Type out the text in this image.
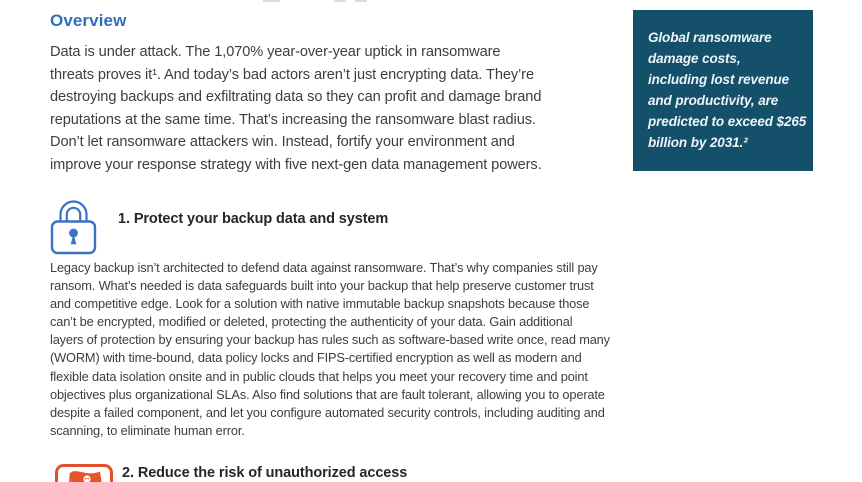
Overview
Data is under attack. The 1,070% year-over-year uptick in ransomware
threats proves it¹. And today’s bad actors aren’t just encrypting data. They’re
destroying backups and exfiltrating data so they can profit and damage brand
reputations at the same time. That’s increasing the ransomware blast radius.
Don’t let ransomware attackers win. Instead, fortify your environment and
improve your response strategy with five next-gen data management powers.
Global ransomware
damage costs,
including lost revenue
and productivity, are
predicted to exceed $265
billion by 2031.²
1. Protect your backup data and system
Legacy backup isn’t architected to defend data against ransomware. That’s why companies still pay
ransom. What’s needed is data safeguards built into your backup that help preserve customer trust
and competitive edge. Look for a solution with native immutable backup snapshots because those
can’t be encrypted, modified or deleted, protecting the authenticity of your data. Gain additional
layers of protection by ensuring your backup has rules such as software-based write once, read many
(WORM) with time-bound, data policy locks and FIPS-certified encryption as well as modern and
flexible data isolation onsite and in public clouds that helps you meet your recovery time and point
objectives plus organizational SLAs. Also find solutions that are fault tolerant, allowing you to operate
despite a failed component, and let you configure automated security controls, including auditing and
scanning, to eliminate human error.
2. Reduce the risk of unauthorized access
